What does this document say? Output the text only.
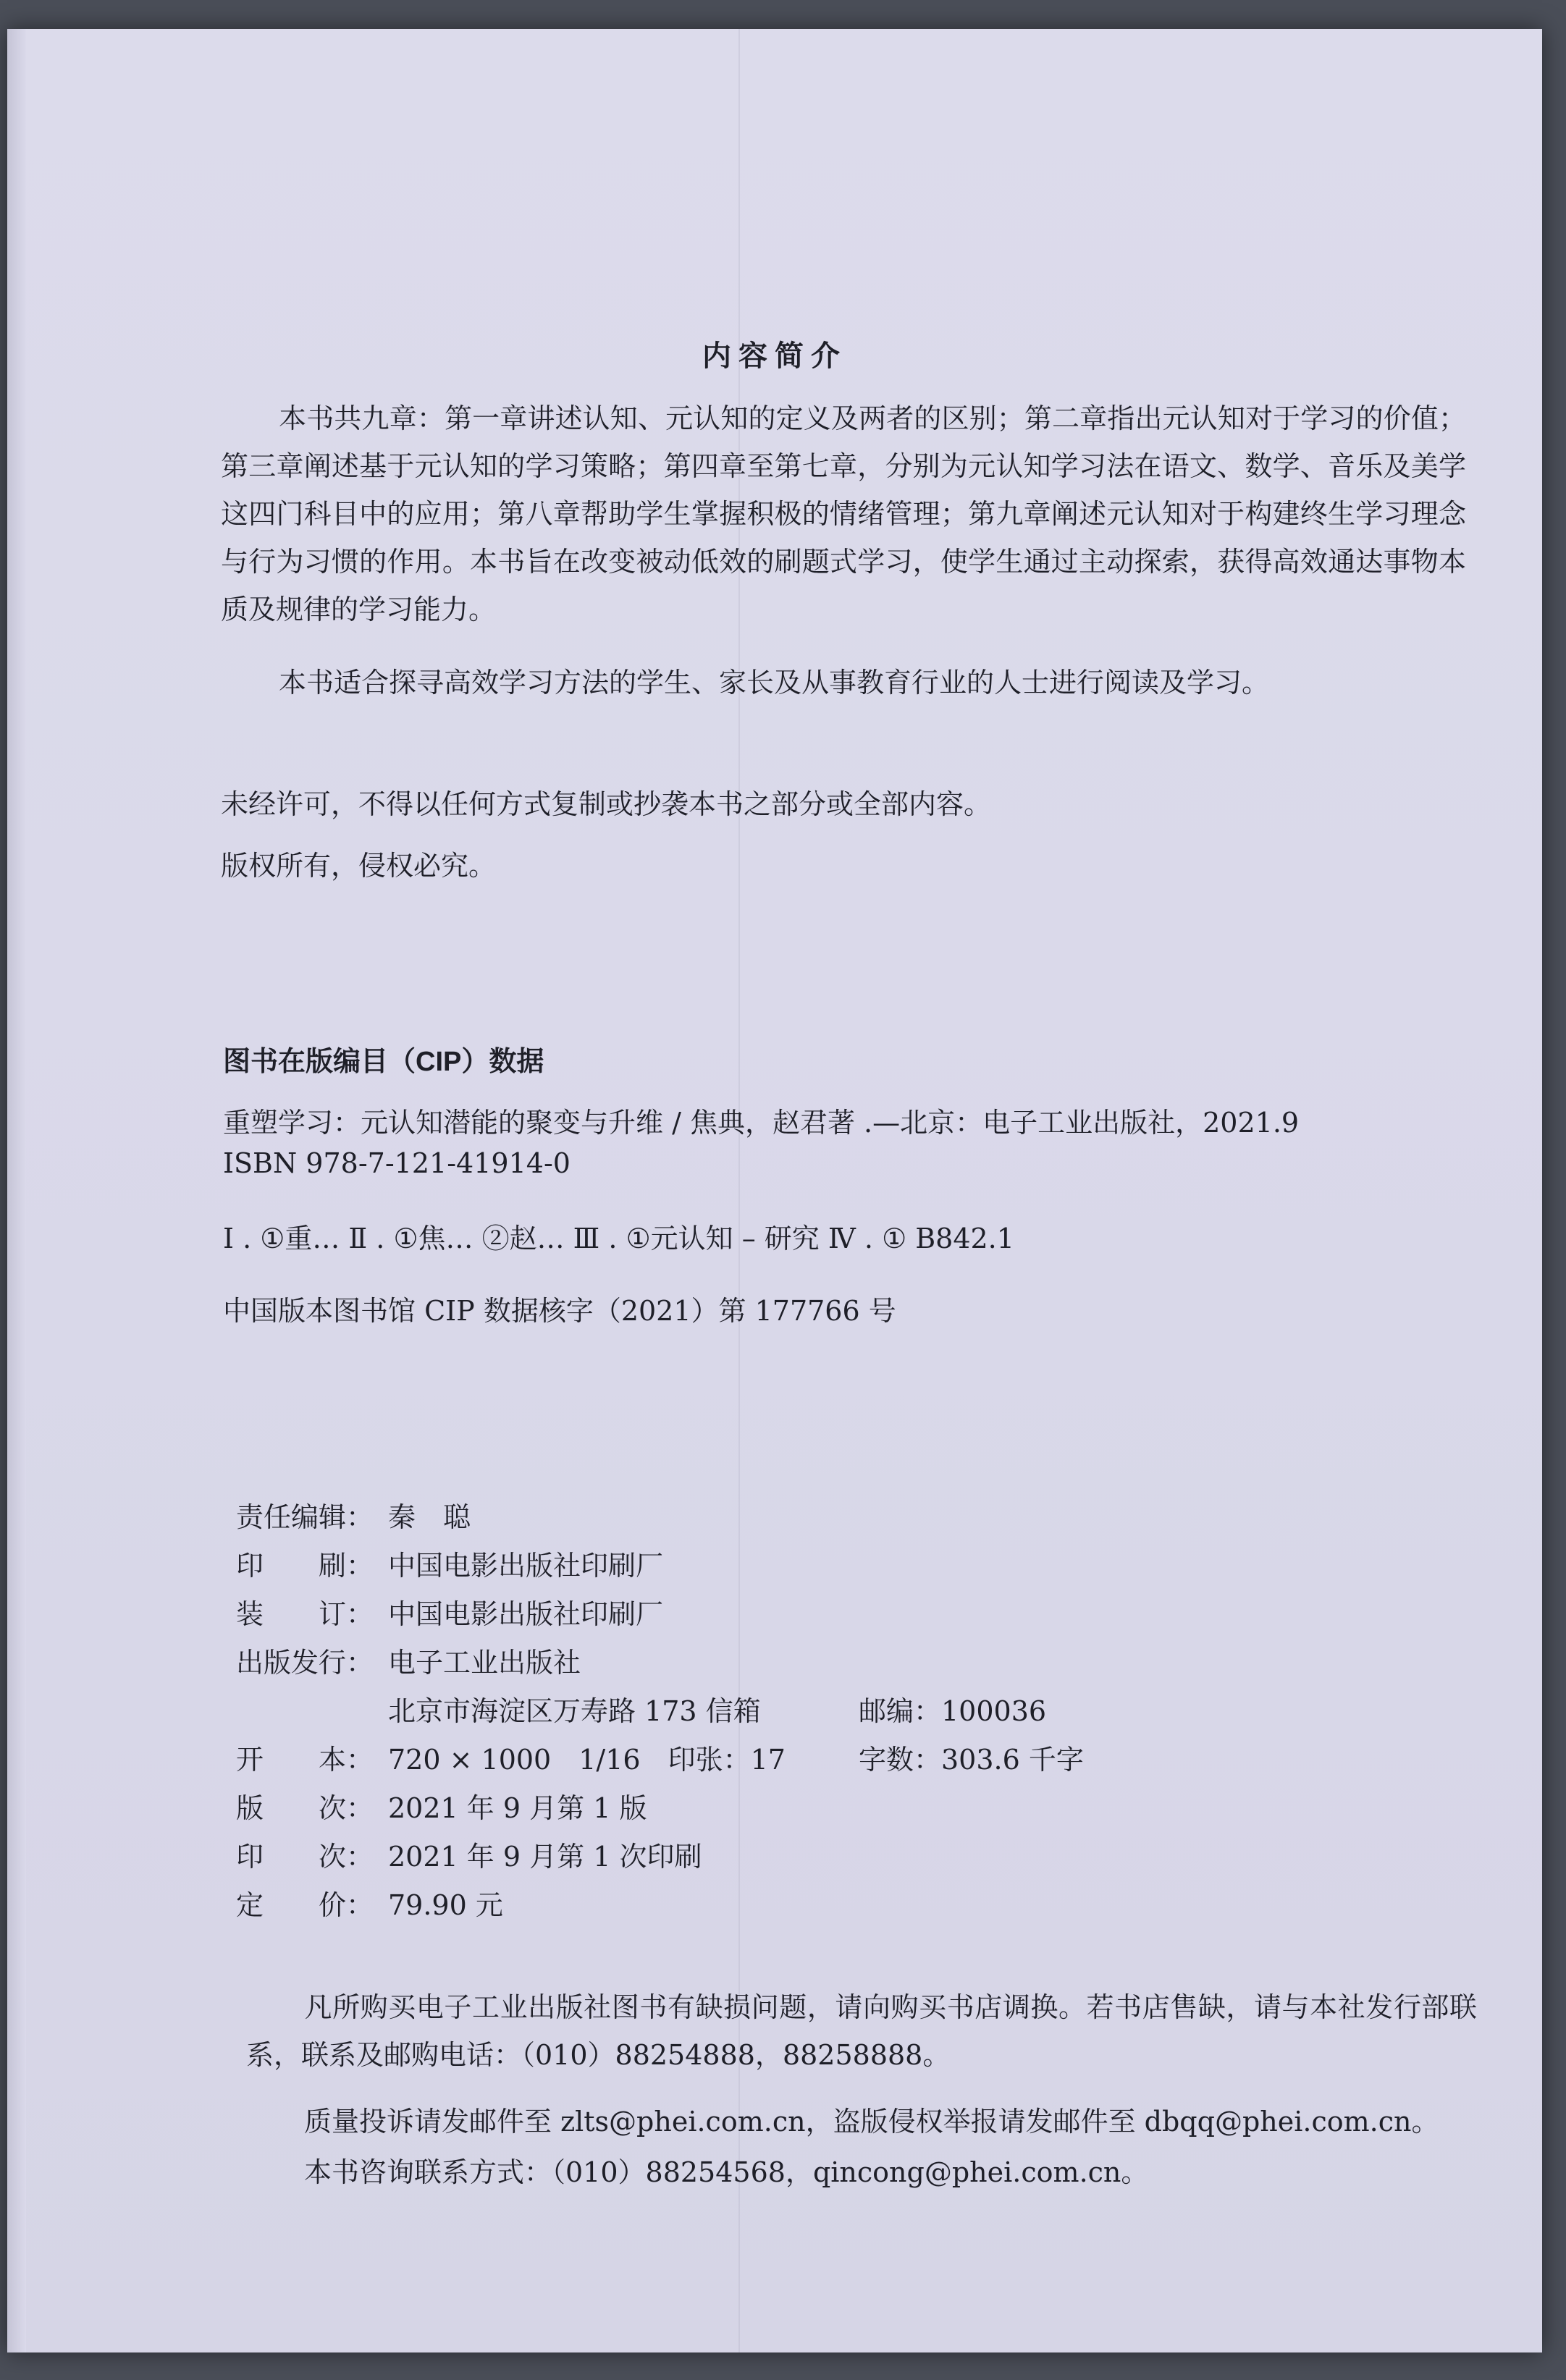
内容简介
本书共九章：第一章讲述认知、元认知的定义及两者的区别；第二章指出元认知对于学习的价值；第三章阐述基于元认知的学习策略；第四章至第七章，分别为元认知学习法在语文、数学、音乐及美学这四门科目中的应用；第八章帮助学生掌握积极的情绪管理；第九章阐述元认知对于构建终生学习理念与行为习惯的作用。本书旨在改变被动低效的刷题式学习，使学生通过主动探索，获得高效通达事物本质及规律的学习能力。
本书适合探寻高效学习方法的学生、家长及从事教育行业的人士进行阅读及学习。
未经许可，不得以任何方式复制或抄袭本书之部分或全部内容。
版权所有，侵权必究。
图书在版编目（CIP）数据
重塑学习：元认知潜能的聚变与升维 / 焦典，赵君著 .—北京：电子工业出版社，2021.9
ISBN 978-7-121-41914-0
Ⅰ . ①重… Ⅱ . ①焦… ②赵… Ⅲ . ①元认知 – 研究 Ⅳ . ① B842.1
中国版本图书馆 CIP 数据核字（2021）第 177766 号
责任编辑： 秦　聪
印　　刷： 中国电影出版社印刷厂
装　　订： 中国电影出版社印刷厂
出版发行： 电子工业出版社
北京市海淀区万寿路 173 信箱	邮编：100036
开　　本： 720 × 1000　1/16　印张：17	字数：303.6 千字
版　　次： 2021 年 9 月第 1 版
印　　次： 2021 年 9 月第 1 次印刷
定　　价： 79.90 元
凡所购买电子工业出版社图书有缺损问题，请向购买书店调换。若书店售缺，请与本社发行部联系，联系及邮购电话：（010）88254888，88258888。
质量投诉请发邮件至 zlts@phei.com.cn，盗版侵权举报请发邮件至 dbqq@phei.com.cn。
本书咨询联系方式：（010）88254568，qincong@phei.com.cn。
